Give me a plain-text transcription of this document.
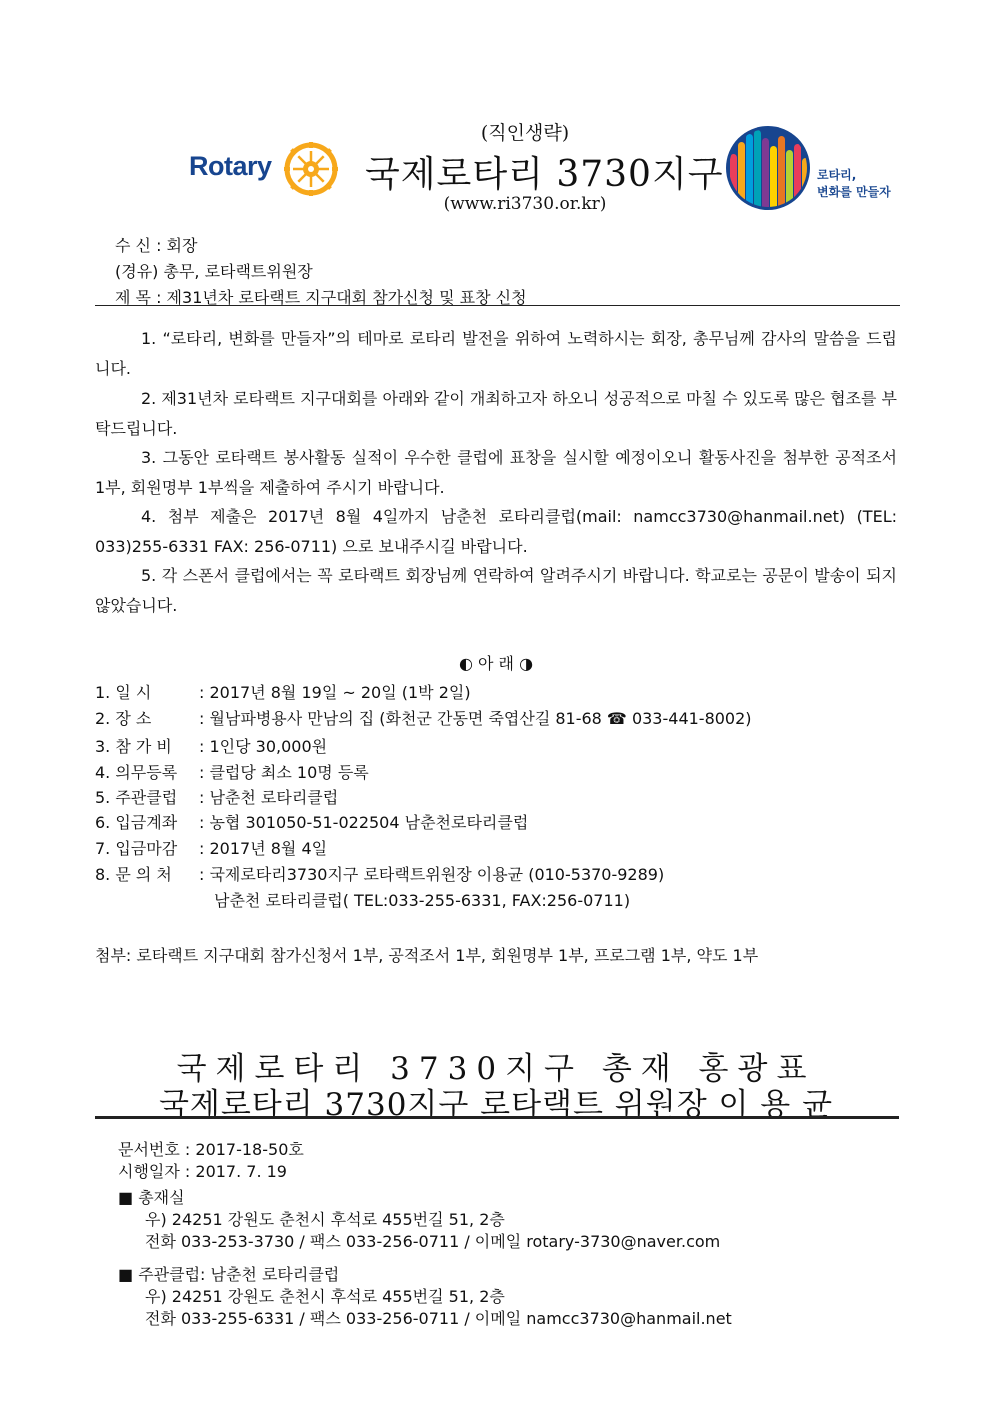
(직인생략)
Rotary	국제로타리 3730지구
(www.ri3730.or.kr)
로타리,
변화를 만들자
수 신 : 회장
(경유) 총무, 로타랙트위원장
제 목 : 제31년차 로타랙트 지구대회 참가신청 및 표창 신청
1. “로타리, 변화를 만들자”의 테마로 로타리 발전을 위하여 노력하시는 회장, 총무님께 감사의 말씀을 드립니다.
2. 제31년차 로타랙트 지구대회를 아래와 같이 개최하고자 하오니 성공적으로 마칠 수 있도록 많은 협조를 부탁드립니다.
3. 그동안 로타랙트 봉사활동 실적이 우수한 클럽에 표창을 실시할 예정이오니 활동사진을 첨부한 공적조서 1부, 회원명부 1부씩을 제출하여 주시기 바랍니다.
4. 첨부 제출은 2017년 8월 4일까지 남춘천 로타리클럽(mail: namcc3730@hanmail.net) (TEL: 033)255-6331 FAX: 256-0711) 으로 보내주시길 바랍니다.
5. 각 스폰서 클럽에서는 꼭 로타랙트 회장님께 연락하여 알려주시기 바랍니다. 학교로는 공문이 발송이 되지 않았습니다.
◐ 아 래 ◑
1. 일 시	: 2017년 8월 19일 ~ 20일 (1박 2일)
2. 장 소	: 월남파병용사 만남의 집 (화천군 간동면 죽엽산길 81-68 ☎ 033-441-8002)
3. 참 가 비 : 1인당 30,000원
4. 의무등록 : 클럽당 최소 10명 등록
5. 주관클럽 : 남춘천 로타리클럽
6. 입금계좌 : 농협 301050-51-022504 남춘천로타리클럽
7. 입금마감 : 2017년 8월 4일
8. 문 의 처 : 국제로타리3730지구 로타랙트위원장 이용균 (010-5370-9289)
남춘천 로타리클럽( TEL:033-255-6331, FAX:256-0711)
첨부: 로타랙트 지구대회 참가신청서 1부, 공적조서 1부, 회원명부 1부, 프로그램 1부, 약도 1부
국제로타리 3730지구 총재 홍광표
국제로타리 3730지구 로타랙트 위원장 이 용 균
문서번호 : 2017-18-50호
시행일자 : 2017. 7. 19
■ 총재실
우) 24251 강원도 춘천시 후석로 455번길 51, 2층
전화 033-253-3730 / 팩스 033-256-0711 / 이메일 rotary-3730@naver.com
■ 주관클럽: 남춘천 로타리클럽
우) 24251 강원도 춘천시 후석로 455번길 51, 2층
전화 033-255-6331 / 팩스 033-256-0711 / 이메일 namcc3730@hanmail.net
